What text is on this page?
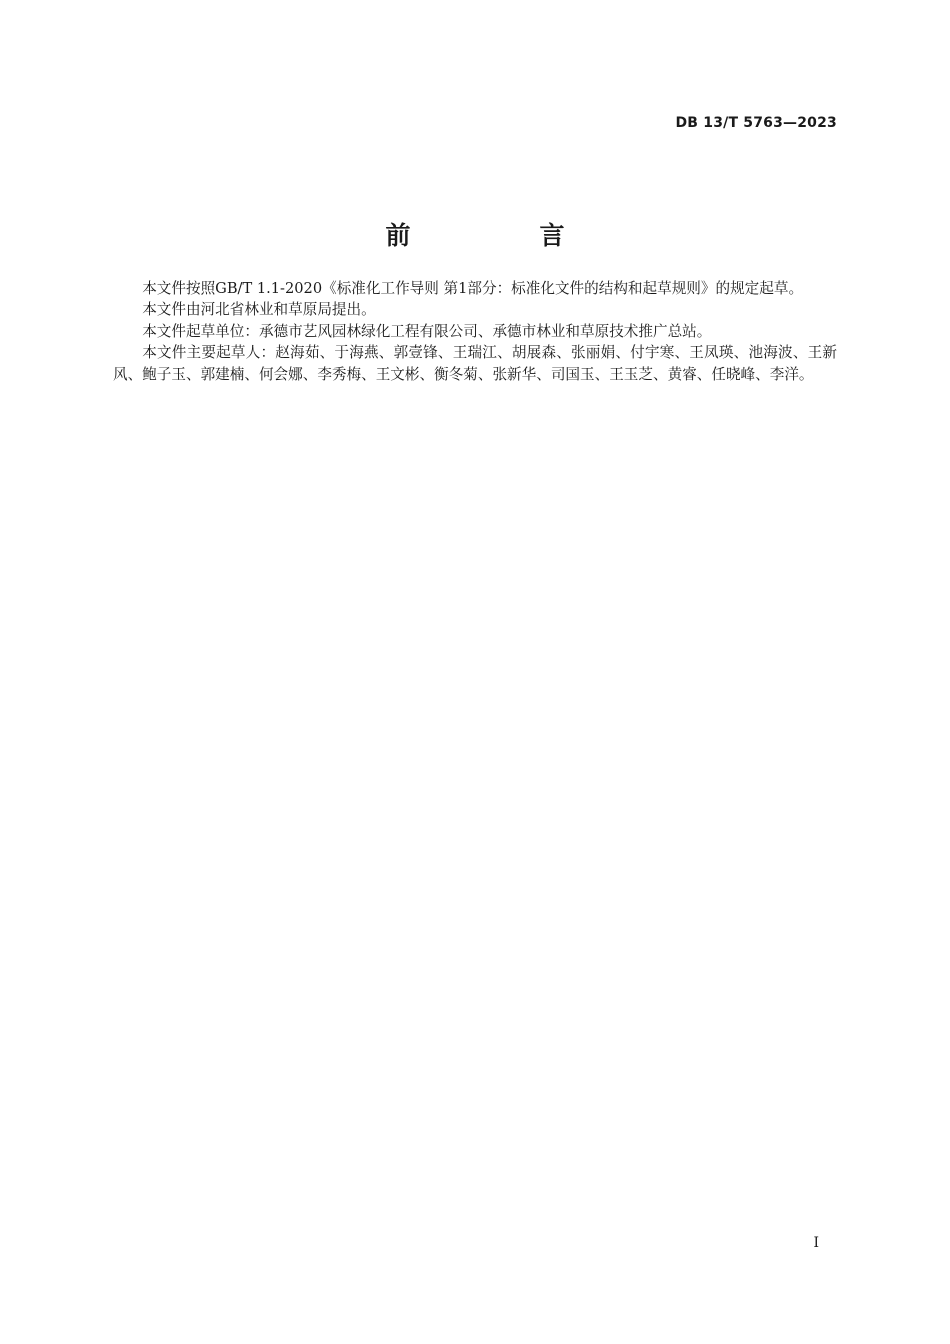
DB 13/T 5763—2023
前　言

本文件按照GB/T 1.1-2020《标准化工作导则 第1部分：标准化文件的结构和起草规则》的规定起草。

本文件由河北省林业和草原局提出。

本文件起草单位：承德市艺风园林绿化工程有限公司、承德市林业和草原技术推广总站。

本文件主要起草人：赵海茹、于海燕、郭壹锋、王瑞江、胡展森、张丽娟、付宇寒、王凤瑛、池海波、王新风、鲍子玉、郭建楠、何会娜、李秀梅、王文彬、衡冬菊、张新华、司国玉、王玉芝、黄睿、任晓峰、李洋。

I
